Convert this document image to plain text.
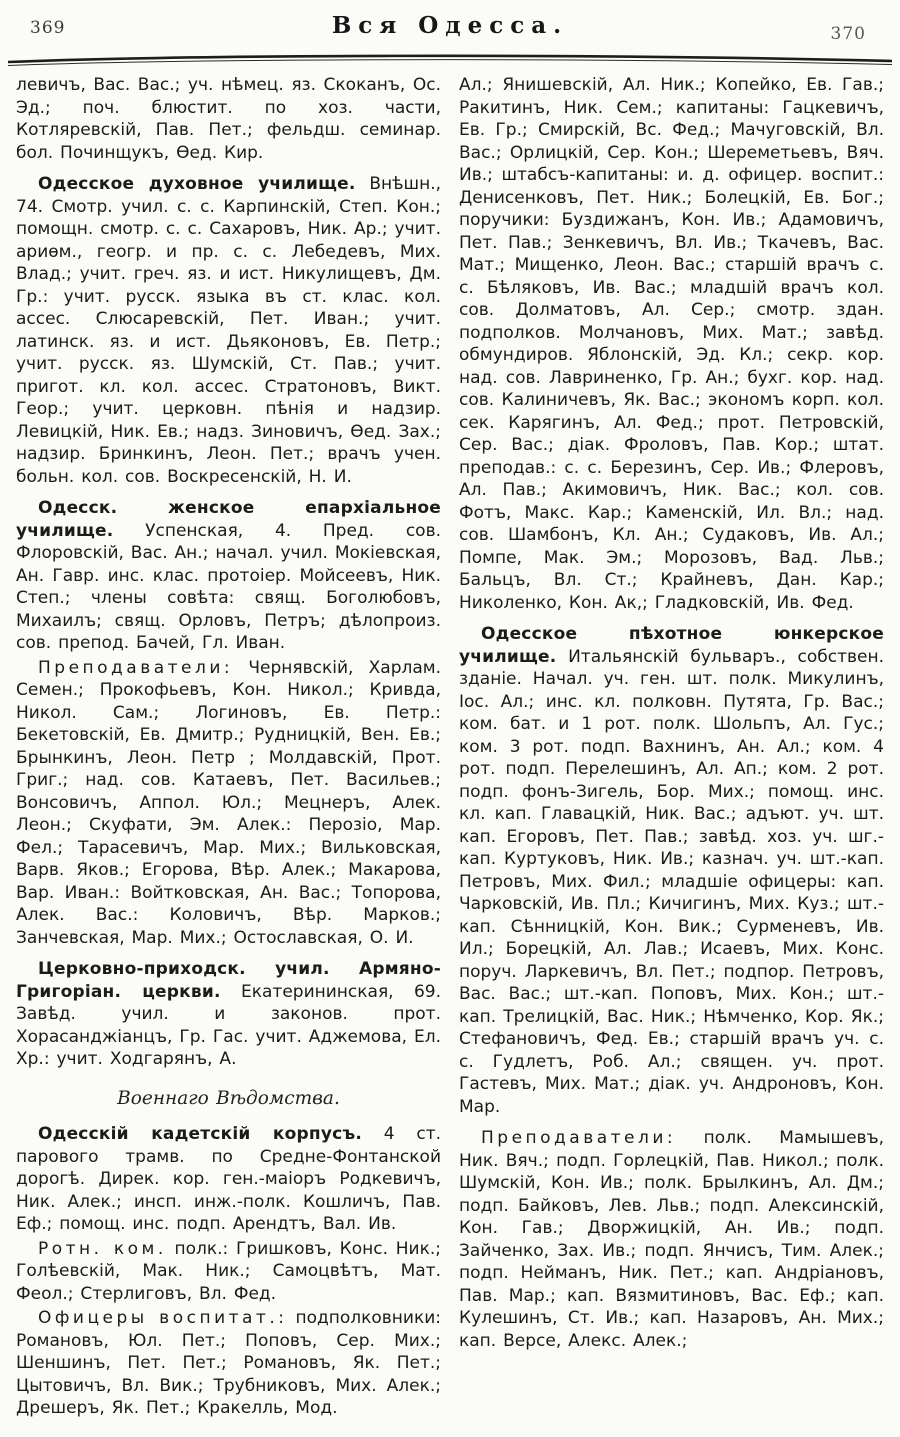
369	Вся Одесса.	370

левичъ, Вас. Вас.; уч. нѣмец. яз. Скоканъ, Ос. Эд.; поч. блюстит. по хоз. части, Котляревскій, Пав. Пет.; фельдш. семинар. бол. Починщукъ, Ѳед. Кир.

Одесское духовное училище. Внѣшн., 74. Смотр. учил. с. с. Карпинскій, Степ. Кон.; помощн. смотр. с. с. Сахаровъ, Ник. Ар.; учит. ариѳм., геогр. и пр. с. с. Лебедевъ, Мих. Влад.; учит. греч. яз. и ист. Никулищевъ, Дм. Гр.: учит. русск. языка въ ст. клас. кол. ассес. Слюсаревскій, Пет. Иван.; учит. латинск. яз. и ист. Дьяконовъ, Ев. Петр.; учит. русск. яз. Шумскій, Ст. Пав.; учит. пригот. кл. кол. ассес. Стратоновъ, Викт. Геор.; учит. церковн. пѣнія и надзир. Левицкій, Ник. Ев.; надз. Зиновичъ, Ѳед. Зах.; надзир. Бринкинъ, Леон. Пет.; врачъ учен. больн. кол. сов. Воскресенскій, Н. И.

Одесск. женское епархіальное училище. Успенская, 4. Пред. сов. Флоровскій, Вас. Ан.; начал. учил. Мокіевская, Ан. Гавр. инс. клас. протоіер. Мойсеевъ, Ник. Степ.; члены совѣта: свящ. Боголюбовъ, Михаилъ; свящ. Орловъ, Петръ; дѣлопроиз. сов. препод. Бачей, Гл. Иван.

Преподаватели: Чернявскій, Харлам. Семен.; Прокофьевъ, Кон. Никол.; Кривда, Никол. Сам.; Логиновъ, Ев. Петр.: Бекетовскій, Ев. Дмитр.; Рудницкій, Вен. Ев.; Брынкинъ, Леон. Петр ; Молдавскій, Прот. Григ.; над. сов. Катаевъ, Пет. Васильев.; Вонсовичъ, Аппол. Юл.; Мецнеръ, Алек. Леон.; Скуфати, Эм. Алек.: Перозіо, Мар. Фел.; Тарасевичъ, Мар. Мих.; Вильковская, Варв. Яков.; Егорова, Вѣр. Алек.; Макарова, Вар. Иван.: Войтковская, Ан. Вас.; Топорова, Алек. Вас.: Коловичъ, Вѣр. Марков.; Занчевская, Мар. Мих.; Остославская, О. И.

Церковно-приходск. учил. Армяно-Григоріан. церкви. Екатерининская, 69. Завѣд. учил. и законов. прот. Хорасанджіанцъ, Гр. Гас. учит. Аджемова, Ел. Хр.: учит. Ходгарянъ, А.

Военнаго Вѣдомства.

Одесскій кадетскій корпусъ. 4 ст. парового трамв. по Средне-Фонтанской дорогѣ. Дирек. кор. ген.-маіоръ Родкевичъ, Ник. Алек.; инсп. инж.-полк. Кошличъ, Пав. Еф.; помощ. инс. подп. Арендтъ, Вал. Ив.

Ротн. ком. полк.: Гришковъ, Конс. Ник.; Голѣевскій, Мак. Ник.; Самоцвѣтъ, Мат. Феол.; Стерлиговъ, Вл. Фед.

Офицеры воспитат.: подполковники: Романовъ, Юл. Пет.; Поповъ, Сер. Мих.; Шеншинъ, Пет. Пет.; Романовъ, Як. Пет.; Цытовичъ, Вл. Вик.; Трубниковъ, Мих. Алек.; Дрешеръ, Як. Пет.; Кракелль, Мод.

Ал.; Янишевскій, Ал. Ник.; Копейко, Ев. Гав.; Ракитинъ, Ник. Сем.; капитаны: Гацкевичъ, Ев. Гр.; Смирскій, Вс. Фед.; Мачуговскій, Вл. Вас.; Орлицкій, Сер. Кон.; Шереметьевъ, Вяч. Ив.; штабсъ-капитаны: и. д. офицер. воспит.: Денисенковъ, Пет. Ник.; Болецкій, Ев. Бог.; поручики: Буздижанъ, Кон. Ив.; Адамовичъ, Пет. Пав.; Зенкевичъ, Вл. Ив.; Ткачевъ, Вас. Мат.; Мищенко, Леон. Вас.; старшій врачъ с. с. Бѣляковъ, Ив. Вас.; младшій врачъ кол. сов. Долматовъ, Ал. Сер.; смотр. здан. подполков. Молчановъ, Мих. Мат.; завѣд. обмундиров. Яблонскій, Эд. Кл.; секр. кор. над. сов. Лавриненко, Гр. Ан.; бухг. кор. над. сов. Калиничевъ, Як. Вас.; экономъ корп. кол. сек. Карягинъ, Ал. Фед.; прот. Петровскій, Сер. Вас.; діак. Фроловъ, Пав. Кор.; штат. преподав.: с. с. Березинъ, Сер. Ив.; Флеровъ, Ал. Пав.; Акимовичъ, Ник. Вас.; кол. сов. Фотъ, Макс. Кар.; Каменскій, Ил. Вл.; над. сов. Шамбонъ, Кл. Ан.; Судаковъ, Ив. Ал.; Помпе, Мак. Эм.; Морозовъ, Вад. Льв.; Бальцъ, Вл. Ст.; Крайневъ, Дан. Кар.; Николенко, Кон. Ак,; Гладковскій, Ив. Фед.

Одесское пѣхотное юнкерское училище. Итальянскій бульваръ., собствен. зданіе. Начал. уч. ген. шт. полк. Микулинъ, Іос. Ал.; инс. кл. полковн. Путята, Гр. Вас.; ком. бат. и 1 рот. полк. Шольпъ, Ал. Гус.; ком. 3 рот. подп. Вахнинъ, Ан. Ал.; ком. 4 рот. подп. Перелешинъ, Ал. Ап.; ком. 2 рот. подп. фонъ-Зигель, Бор. Мих.; помощ. инс. кл. кап. Главацкій, Ник. Вас.; адъют. уч. шт. кап. Егоровъ, Пет. Пав.; завѣд. хоз. уч. шг.-кап. Куртуковъ, Ник. Ив.; казнач. уч. шт.-кап. Петровъ, Мих. Фил.; младшіе офицеры: кап. Чарковскій, Ив. Пл.; Кичигинъ, Мих. Куз.; шт.-кап. Сѣнницкій, Кон. Вик.; Сурменевъ, Ив. Ил.; Борецкій, Ал. Лав.; Исаевъ, Мих. Конс. поруч. Ларкевичъ, Вл. Пет.; подпор. Петровъ, Вас. Вас.; шт.-кап. Поповъ, Мих. Кон.; шт.-кап. Трелицкій, Вас. Ник.; Нѣмченко, Кор. Як.; Стефановичъ, Фед. Ев.; старшій врачъ уч. с. с. Гудлетъ, Роб. Ал.; священ. уч. прот. Гастевъ, Мих. Мат.; діак. уч. Андроновъ, Кон. Мар.

Преподаватели: полк. Мамышевъ, Ник. Вяч.; подп. Горлецкій, Пав. Никол.; полк. Шумскій, Кон. Ив.; полк. Брылкинъ, Ал. Дм.; подп. Байковъ, Лев. Льв.; подп. Алексинскій, Кон. Гав.; Дворжицкій, Ан. Ив.; подп. Зайченко, Зах. Ив.; подп. Янчисъ, Тим. Алек.; подп. Нейманъ, Ник. Пет.; кап. Андріановъ, Пав. Мар.; кап. Вязмитиновъ, Вас. Еф.; кап. Кулешинъ, Ст. Ив.; кап. Назаровъ, Ан. Мих.; кап. Версе, Алекс. Алек.;
